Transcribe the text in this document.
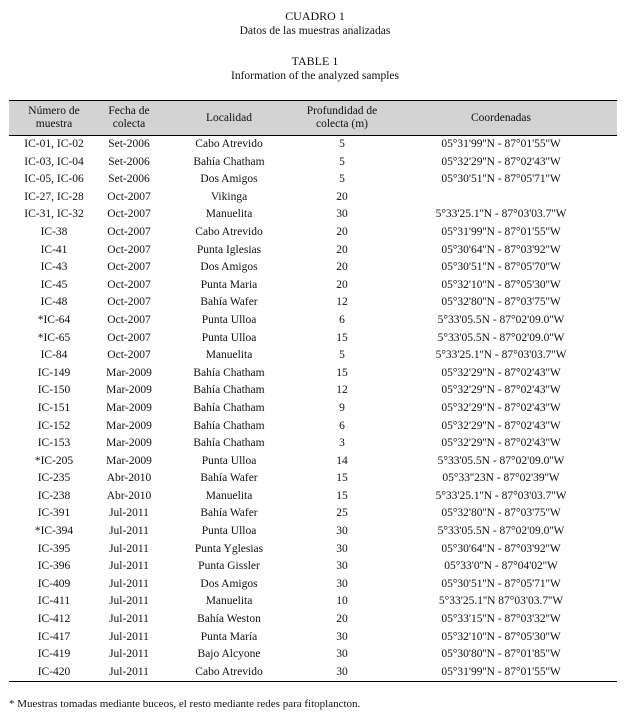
CUADRO 1
Datos de las muestras analizadas
TABLE 1
Information of the analyzed samples
Número de muestra	Fecha de colecta	Localidad	Profundidad de colecta (m)	Coordenadas
IC-01, IC-02	Set-2006	Cabo Atrevido	5	05°31'99''N - 87°01'55''W
IC-03, IC-04	Set-2006	Bahía Chatham	5	05°32'29''N - 87°02'43''W
IC-05, IC-06	Set-2006	Dos Amigos	5	05°30'51''N - 87°05'71''W
IC-27, IC-28	Oct-2007	Vikinga	20	
IC-31, IC-32	Oct-2007	Manuelita	30	5°33'25.1''N - 87°03'03.7''W
IC-38	Oct-2007	Cabo Atrevido	20	05°31'99''N - 87°01'55''W
IC-41	Oct-2007	Punta Iglesias	20	05°30'64''N - 87°03'92''W
IC-43	Oct-2007	Dos Amigos	20	05°30'51''N - 87°05'70''W
IC-45	Oct-2007	Punta Maria	20	05°32'10''N - 87°05'30''W
IC-48	Oct-2007	Bahía Wafer	12	05°32'80''N - 87°03'75''W
*IC-64	Oct-2007	Punta Ulloa	6	5°33'05.5N - 87°02'09.0''W
*IC-65	Oct-2007	Punta Ulloa	15	5°33'05.5N - 87°02'09.0''W
IC-84	Oct-2007	Manuelita	5	5°33'25.1''N - 87°03'03.7''W
IC-149	Mar-2009	Bahía Chatham	15	05°32'29''N - 87°02'43''W
IC-150	Mar-2009	Bahía Chatham	12	05°32'29''N - 87°02'43''W
IC-151	Mar-2009	Bahía Chatham	9	05°32'29''N - 87°02'43''W
IC-152	Mar-2009	Bahía Chatham	6	05°32'29''N - 87°02'43''W
IC-153	Mar-2009	Bahía Chatham	3	05°32'29''N - 87°02'43''W
*IC-205	Mar-2009	Punta Ulloa	14	5°33'05.5N - 87°02'09.0''W
IC-235	Abr-2010	Bahía Wafer	15	05°33''23N - 87°02'39''W
IC-238	Abr-2010	Manuelita	15	5°33'25.1''N - 87°03'03.7''W
IC-391	Jul-2011	Bahía Wafer	25	05°32'80''N - 87°03'75''W
*IC-394	Jul-2011	Punta Ulloa	30	5°33'05.5N - 87°02'09.0''W
IC-395	Jul-2011	Punta Yglesias	30	05°30'64''N - 87°03'92''W
IC-396	Jul-2011	Punta Gissler	30	05°33'0''N - 87°04'02''W
IC-409	Jul-2011	Dos Amigos	30	05°30'51''N - 87°05'71''W
IC-411	Jul-2011	Manuelita	10	5°33'25.1''N 87°03'03.7''W
IC-412	Jul-2011	Bahía Weston	20	05°33'15''N - 87°03'32''W
IC-417	Jul-2011	Punta María	30	05°32'10''N - 87°05'30''W
IC-419	Jul-2011	Bajo Alcyone	30	05°30'80''N - 87°01'85''W
IC-420	Jul-2011	Cabo Atrevido	30	05°31'99''N - 87°01'55''W
* Muestras tomadas mediante buceos, el resto mediante redes para fitoplancton.
